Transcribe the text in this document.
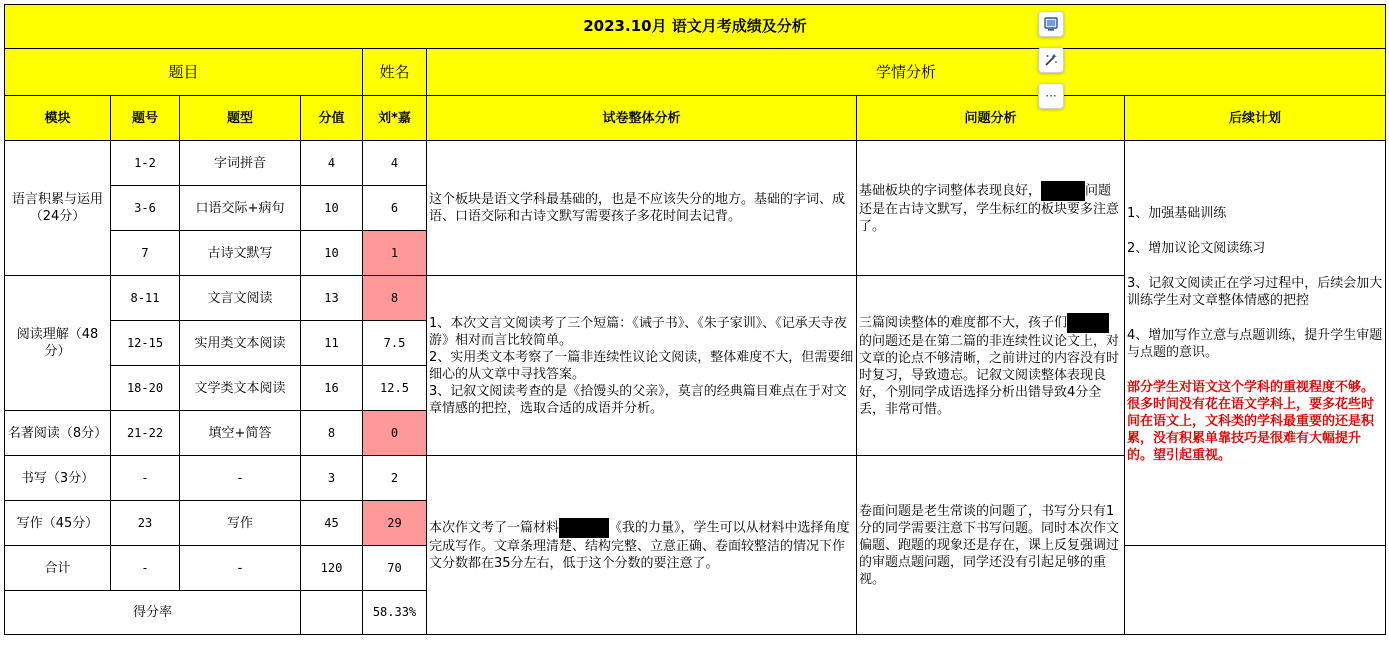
2023.10月 语文月考成绩及分析							
题目				姓名	学情分析		
模块	题号	题型	分值	刘*嘉	试卷整体分析	问题分析	后续计划
语言积累与运用（24分）	1-2	字词拼音	4	4	这个板块是语文学科最基础的，也是不应该失分的地方。基础的字词、成语、口语交际和古诗文默写需要孩子多花时间去记背。	基础板块的字词整体表现良好， 问题还是在古诗文默写，学生标红的板块要多注意了。	1、加强基础训练

2、增加议论文阅读练习

3、记叙文阅读正在学习过程中，后续会加大训练学生对文章整体情感的把控

4、增加写作立意与点题训练，提升学生审题与点题的意识。

部分学生对语文这个学科的重视程度不够。很多时间没有花在语文学科上，要多花些时间在语文上，文科类的学科最重要的还是积累，没有积累单靠技巧是很难有大幅提升的。望引起重视。

	3-6	口语交际+病句	10	6			
	7	古诗文默写	10	1			
阅读理解（48分）	8-11	文言文阅读	13	8	1、本次文言文阅读考了三个短篇：《诫子书》、《朱子家训》、《记承天寺夜游》相对而言比较简单。
2、实用类文本考察了一篇非连续性议论文阅读，整体难度不大，但需要细细心的从文章中寻找答案。
3、记叙文阅读考查的是《拾馒头的父亲》，莫言的经典篇目难点在于对文章情感的把控，选取合适的成语并分析。	三篇阅读整体的难度都不大，孩子们的问题还是在第二篇的非连续性议论文上，对文章的论点不够清晰，之前讲过的内容没有时时复习，导致遗忘。记叙文阅读整体表现良好，个别同学成语选择分析出错导致4分全丢，非常可惜。	
	12-15	实用类文本阅读	11	7.5			
	18-20	文学类文本阅读	16	12.5			
名著阅读（8分）	21-22	填空+简答	8	0			
书写（3分）	-	-	3	2	本次作文考了一篇材料 《我的力量》，学生可以从材料中选择角度完成写作。文章条理清楚、结构完整、立意正确、卷面较整洁的情况下作文分数都在35分左右，低于这个分数的要注意了。	卷面问题是老生常谈的问题了，书写分只有1分的同学需要注意下书写问题。同时本次作文偏题、跑题的现象还是存在，课上反复强调过的审题点题问题，同学还没有引起足够的重视。	
写作（45分）	23	写作	45	29			
合计	-	-	120	70			
得分率				58.33%			
···
